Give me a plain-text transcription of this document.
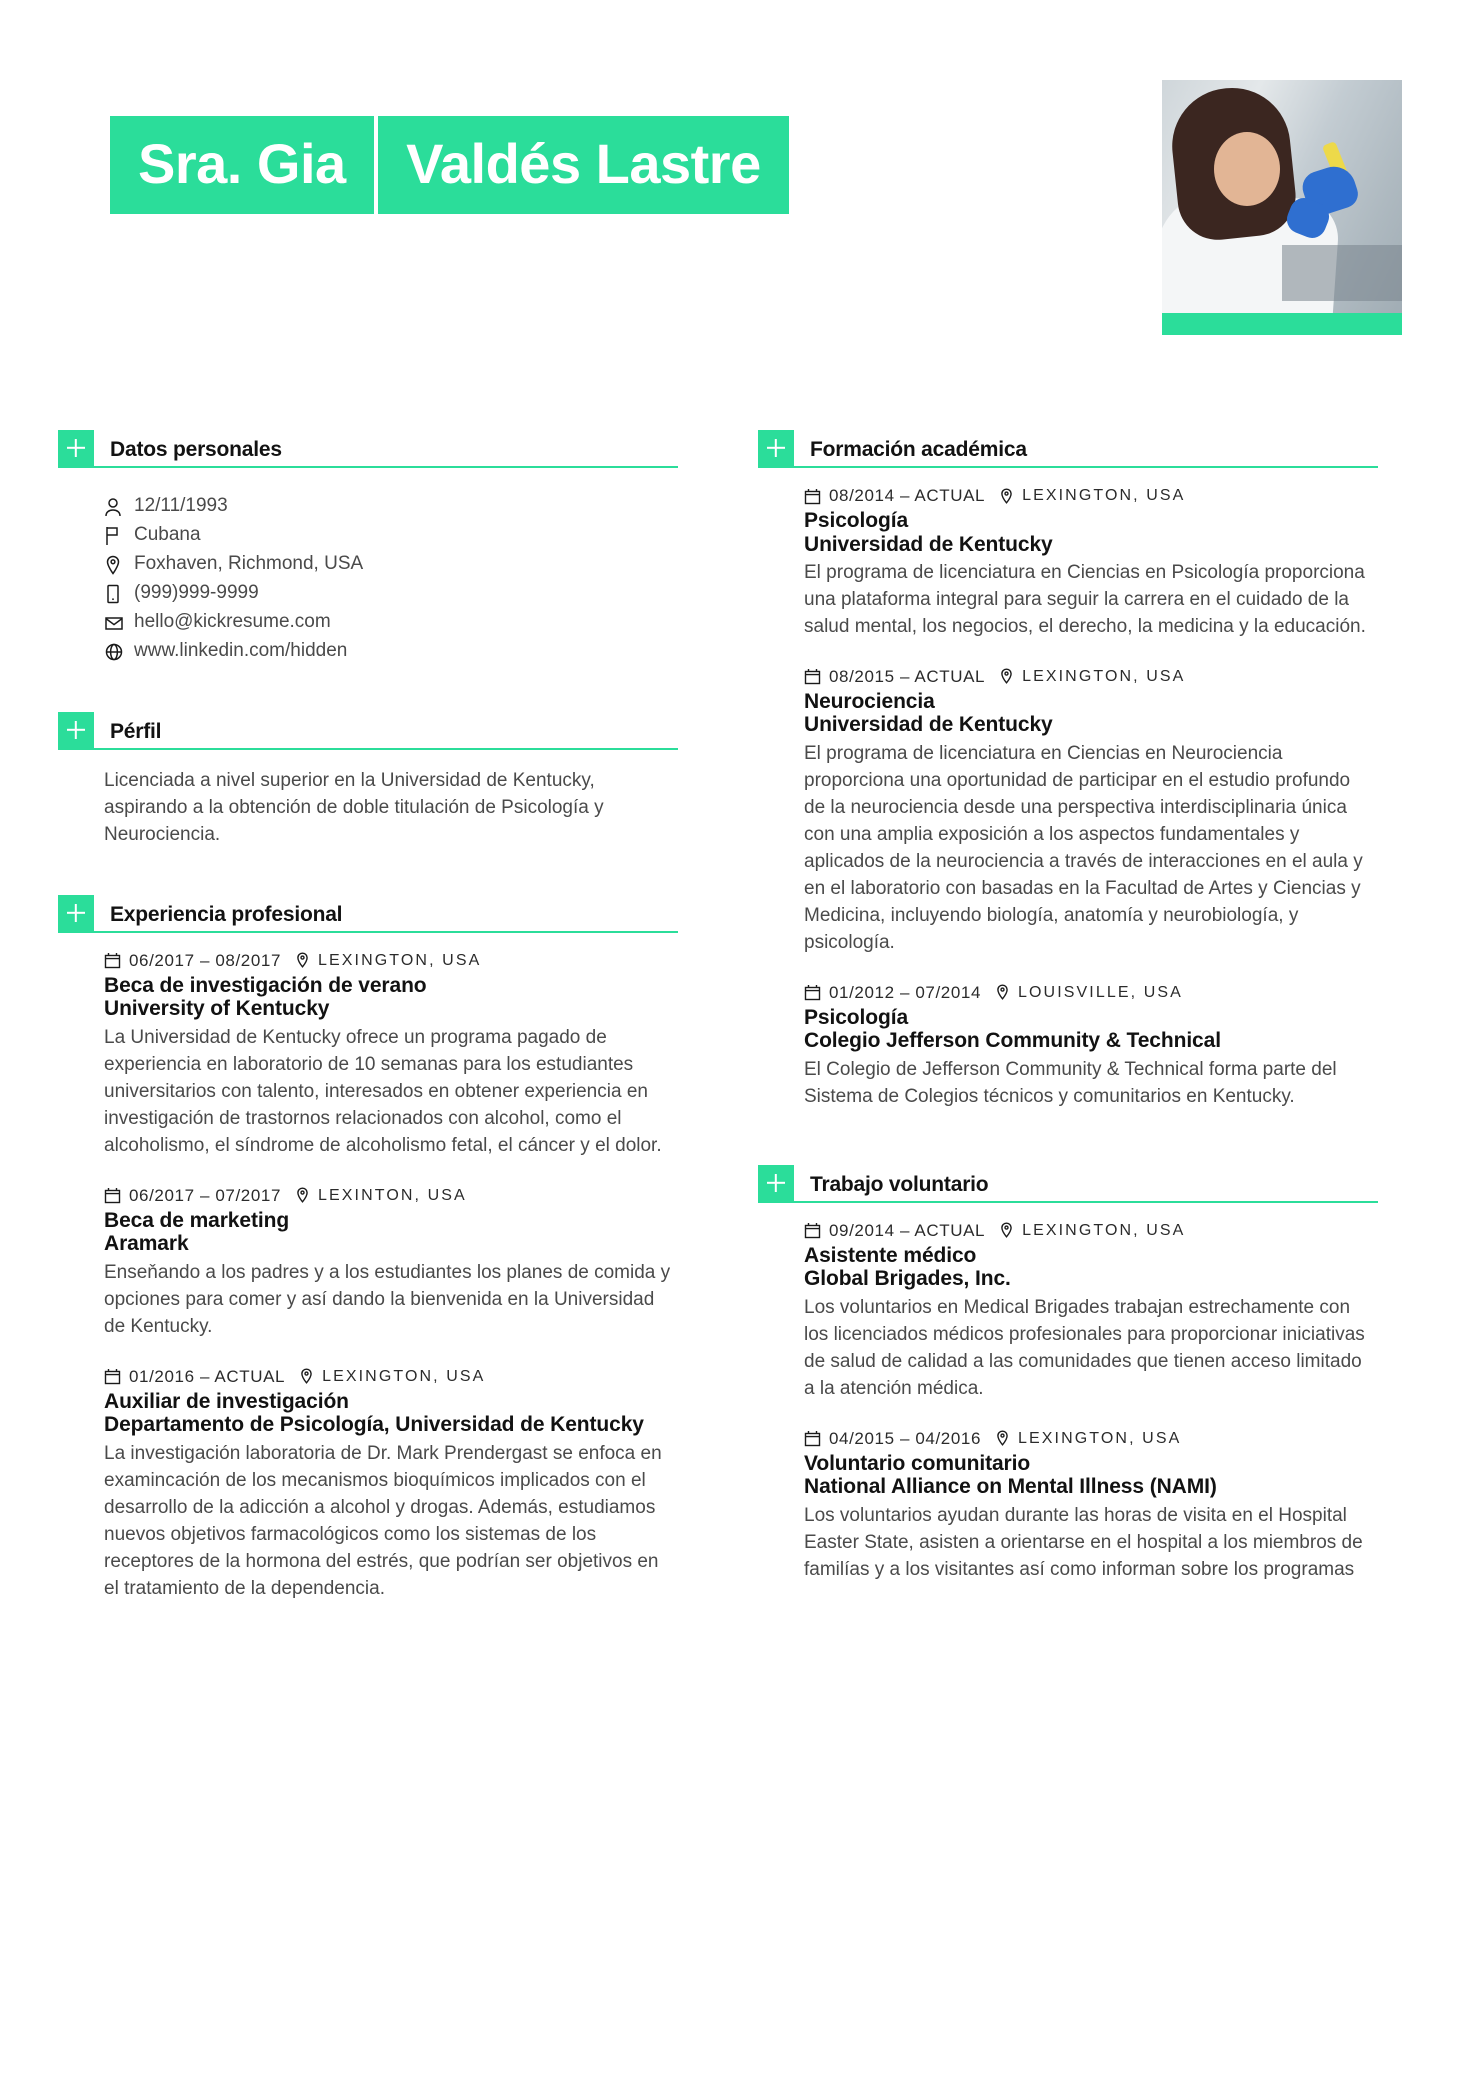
Sra. Gia Valdés Lastre
Datos personales
12/11/1993
Cubana
Foxhaven, Richmond, USA
(999)999-9999
hello@kickresume.com
www.linkedin.com/hidden
Pérfil
Licenciada a nivel superior en la Universidad de Kentucky, aspirando a la obtención de doble titulación de Psicología y Neurociencia.
Experiencia profesional
06/2017 – 08/2017 LEXINGTON, USA
Beca de investigación de verano
University of Kentucky
La Universidad de Kentucky ofrece un programa pagado de experiencia en laboratorio de 10 semanas para los estudiantes universitarios con talento, interesados en obtener experiencia en investigación de trastornos relacionados con alcohol, como el alcoholismo, el síndrome de alcoholismo fetal, el cáncer y el dolor.
06/2017 – 07/2017 LEXINTON, USA
Beca de marketing
Aramark
Enseňando a los padres y a los estudiantes los planes de comida y opciones para comer y así dando la bienvenida en la Universidad de Kentucky.
01/2016 – ACTUAL LEXINGTON, USA
Auxiliar de investigación
Departamento de Psicología, Universidad de Kentucky
La investigación laboratoria de Dr. Mark Prendergast se enfoca en examincación de los mecanismos bioquímicos implicados con el desarrollo de la adicción a alcohol y drogas. Además, estudiamos nuevos objetivos farmacológicos como los sistemas de los receptores de la hormona del estrés, que podrían ser objetivos en el tratamiento de la dependencia.
Formación académica
08/2014 – ACTUAL LEXINGTON, USA
Psicología
Universidad de Kentucky
El programa de licenciatura en Ciencias en Psicología proporciona una plataforma integral para seguir la carrera en el cuidado de la salud mental, los negocios, el derecho, la medicina y la educación.
08/2015 – ACTUAL LEXINGTON, USA
Neurociencia
Universidad de Kentucky
El programa de licenciatura en Ciencias en Neurociencia proporciona una oportunidad de participar en el estudio profundo de la neurociencia desde una perspectiva interdisciplinaria única con una amplia exposición a los aspectos fundamentales y aplicados de la neurociencia a través de interacciones en el aula y en el laboratorio con basadas en la Facultad de Artes y Ciencias y Medicina, incluyendo biología, anatomía y neurobiología, y psicología.
01/2012 – 07/2014 LOUISVILLE, USA
Psicología
Colegio Jefferson Community & Technical
El Colegio de Jefferson Community & Technical forma parte del Sistema de Colegios técnicos y comunitarios en Kentucky.
Trabajo voluntario
09/2014 – ACTUAL LEXINGTON, USA
Asistente médico
Global Brigades, Inc.
Los voluntarios en Medical Brigades trabajan estrechamente con los licenciados médicos profesionales para proporcionar iniciativas de salud de calidad a las comunidades que tienen acceso limitado a la atención médica.
04/2015 – 04/2016 LEXINGTON, USA
Voluntario comunitario
National Alliance on Mental Illness (NAMI)
Los voluntarios ayudan durante las horas de visita en el Hospital Easter State, asisten a orientarse en el hospital a los miembros de familías y a los visitantes así como informan sobre los programas
